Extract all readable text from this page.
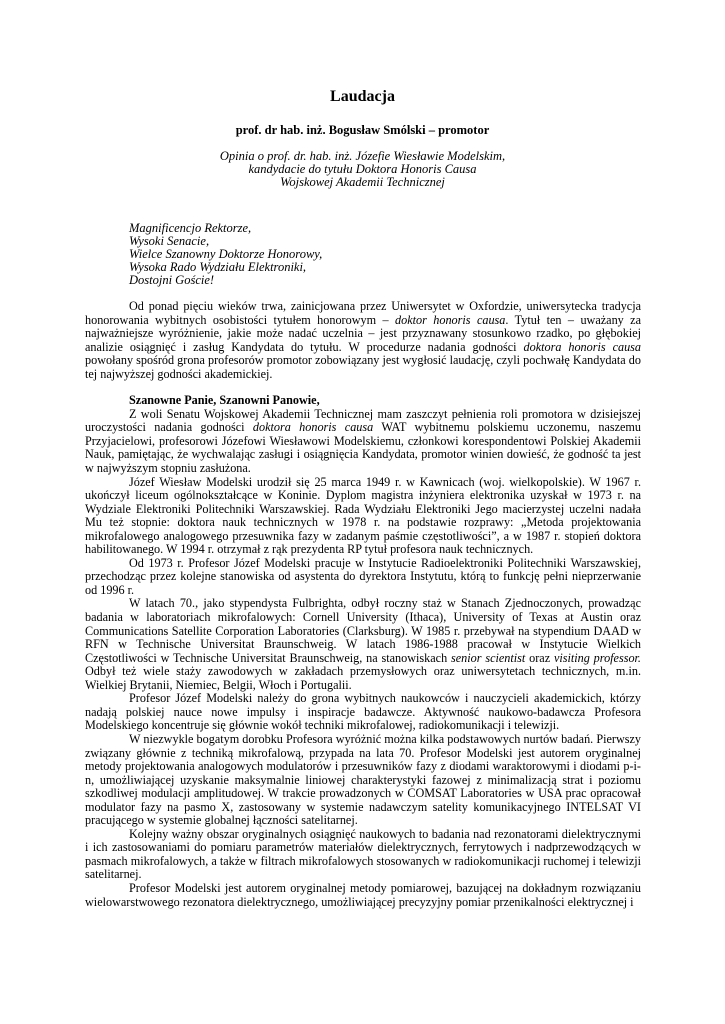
Laudacja
prof. dr hab. inż. Bogusław Smólski – promotor
Opinia o prof. dr. hab. inż. Józefie Wiesławie Modelskim,
kandydacie do tytułu Doktora Honoris Causa
Wojskowej Akademii Technicznej
Magnificencjo Rektorze,
Wysoki Senacie,
Wielce Szanowny Doktorze Honorowy,
Wysoka Rado Wydziału Elektroniki,
Dostojni Goście!

Od ponad pięciu wieków trwa, zainicjowana przez Uniwersytet w Oxfordzie, uniwersytecka tradycja honorowania wybitnych osobistości tytułem honorowym – doktor honoris causa. Tytuł ten – uważany za najważniejsze wyróżnienie, jakie może nadać uczelnia – jest przyznawany stosunkowo rzadko, po głębokiej analizie osiągnięć i zasług Kandydata do tytułu. W procedurze nadania godności doktora honoris causa powołany spośród grona profesorów promotor zobowiązany jest wygłosić laudację, czyli pochwałę Kandydata do tej najwyższej godności akademickiej.

Szanowne Panie, Szanowni Panowie,

Z woli Senatu Wojskowej Akademii Technicznej mam zaszczyt pełnienia roli promotora w dzisiejszej uroczystości nadania godności doktora honoris causa WAT wybitnemu polskiemu uczonemu, naszemu Przyjacielowi, profesorowi Józefowi Wiesławowi Modelskiemu, członkowi korespondentowi Polskiej Akademii Nauk, pamiętając, że wychwalając zasługi i osiągnięcia Kandydata, promotor winien dowieść, że godność ta jest w najwyższym stopniu zasłużona.

Józef Wiesław Modelski urodził się 25 marca 1949 r. w Kawnicach (woj. wielkopolskie). W 1967 r. ukończył liceum ogólnokształcące w Koninie. Dyplom magistra inżyniera elektronika uzyskał w 1973 r. na Wydziale Elektroniki Politechniki Warszawskiej. Rada Wydziału Elektroniki Jego macierzystej uczelni nadała Mu też stopnie: doktora nauk technicznych w 1978 r. na podstawie rozprawy: „Metoda projektowania mikrofalowego analogowego przesuwnika fazy w zadanym paśmie częstotliwości”, a w 1987 r. stopień doktora habilitowanego. W 1994 r. otrzymał z rąk prezydenta RP tytuł profesora nauk technicznych.

Od 1973 r. Profesor Józef Modelski pracuje w Instytucie Radioelektroniki Politechniki Warszawskiej, przechodząc przez kolejne stanowiska od asystenta do dyrektora Instytutu, którą to funkcję pełni nieprzerwanie od 1996 r.

W latach 70., jako stypendysta Fulbrighta, odbył roczny staż w Stanach Zjednoczonych, prowadząc badania w laboratoriach mikrofalowych: Cornell University (Ithaca), University of Texas at Austin oraz Communications Satellite Corporation Laboratories (Clarksburg). W 1985 r. przebywał na stypendium DAAD w RFN w Technische Universitat Braunschweig. W latach 1986-1988 pracował w Instytucie Wielkich Częstotliwości w Technische Universitat Braunschweig, na stanowiskach senior scientist oraz visiting professor. Odbył też wiele staży zawodowych w zakładach przemysłowych oraz uniwersytetach technicznych, m.in. Wielkiej Brytanii, Niemiec, Belgii, Włoch i Portugalii.

Profesor Józef Modelski należy do grona wybitnych naukowców i nauczycieli akademickich, którzy nadają polskiej nauce nowe impulsy i inspiracje badawcze. Aktywność naukowo-badawcza Profesora Modelskiego koncentruje się głównie wokół techniki mikrofalowej, radiokomunikacji i telewizji.

W niezwykle bogatym dorobku Profesora wyróżnić można kilka podstawowych nurtów badań. Pierwszy związany głównie z techniką mikrofalową, przypada na lata 70. Profesor Modelski jest autorem oryginalnej metody projektowania analogowych modulatorów i przesuwników fazy z diodami waraktorowymi i diodami p-i-n, umożliwiającej uzyskanie maksymalnie liniowej charakterystyki fazowej z minimalizacją strat i poziomu szkodliwej modulacji amplitudowej. W trakcie prowadzonych w COMSAT Laboratories w USA prac opracował modulator fazy na pasmo X, zastosowany w systemie nadawczym satelity komunikacyjnego INTELSAT VI pracującego w systemie globalnej łączności satelitarnej.

Kolejny ważny obszar oryginalnych osiągnięć naukowych to badania nad rezonatorami dielektrycznymi i ich zastosowaniami do pomiaru parametrów materiałów dielektrycznych, ferrytowych i nadprzewodzących w pasmach mikrofalowych, a także w filtrach mikrofalowych stosowanych w radiokomunikacji ruchomej i telewizji satelitarnej.

Profesor Modelski jest autorem oryginalnej metody pomiarowej, bazującej na dokładnym rozwiązaniu wielowarstwowego rezonatora dielektrycznego, umożliwiającej precyzyjny pomiar przenikalności elektrycznej i
